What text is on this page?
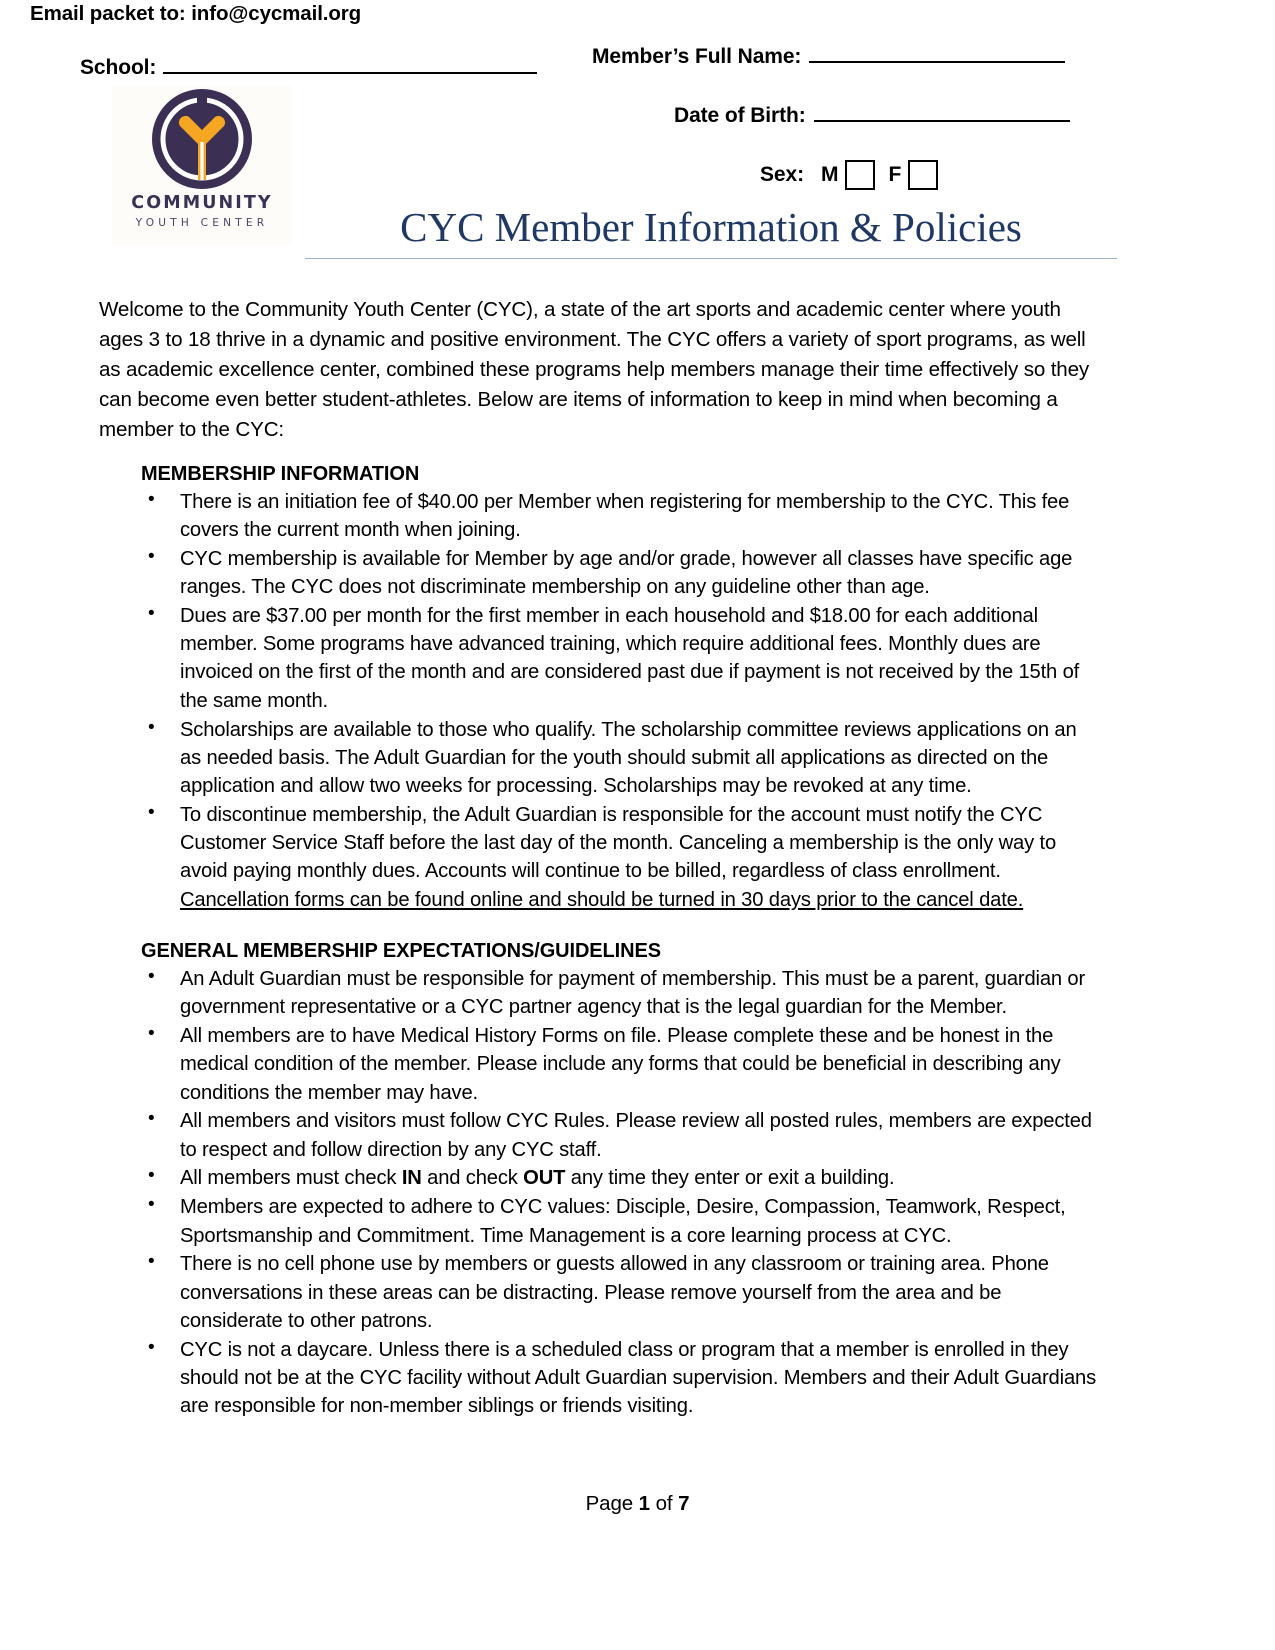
Email packet to: info@cycmail.org
School:	Member’s Full Name:
Date of Birth:
Sex: M F
COMMUNITY
YOUTH CENTER	CYC Member Information & Policies

Welcome to the Community Youth Center (CYC), a state of the art sports and academic center where youth ages 3 to 18 thrive in a dynamic and positive environment. The CYC offers a variety of sport programs, as well as academic excellence center, combined these programs help members manage their time effectively so they can become even better student-athletes. Below are items of information to keep in mind when becoming a member to the CYC:

MEMBERSHIP INFORMATION
• There is an initiation fee of $40.00 per Member when registering for membership to the CYC. This fee covers the current month when joining.
• CYC membership is available for Member by age and/or grade, however all classes have specific age ranges. The CYC does not discriminate membership on any guideline other than age.
• Dues are $37.00 per month for the first member in each household and $18.00 for each additional member. Some programs have advanced training, which require additional fees. Monthly dues are invoiced on the first of the month and are considered past due if payment is not received by the 15th of the same month.
• Scholarships are available to those who qualify. The scholarship committee reviews applications on an as needed basis. The Adult Guardian for the youth should submit all applications as directed on the application and allow two weeks for processing. Scholarships may be revoked at any time.
• To discontinue membership, the Adult Guardian is responsible for the account must notify the CYC Customer Service Staff before the last day of the month. Canceling a membership is the only way to avoid paying monthly dues. Accounts will continue to be billed, regardless of class enrollment. Cancellation forms can be found online and should be turned in 30 days prior to the cancel date.
GENERAL MEMBERSHIP EXPECTATIONS/GUIDELINES
• An Adult Guardian must be responsible for payment of membership. This must be a parent, guardian or government representative or a CYC partner agency that is the legal guardian for the Member.
• All members are to have Medical History Forms on file. Please complete these and be honest in the medical condition of the member. Please include any forms that could be beneficial in describing any conditions the member may have.
• All members and visitors must follow CYC Rules. Please review all posted rules, members are expected to respect and follow direction by any CYC staff.
• All members must check IN and check OUT any time they enter or exit a building.
• Members are expected to adhere to CYC values: Disciple, Desire, Compassion, Teamwork, Respect, Sportsmanship and Commitment. Time Management is a core learning process at CYC.
• There is no cell phone use by members or guests allowed in any classroom or training area. Phone conversations in these areas can be distracting. Please remove yourself from the area and be considerate to other patrons.
• CYC is not a daycare. Unless there is a scheduled class or program that a member is enrolled in they should not be at the CYC facility without Adult Guardian supervision. Members and their Adult Guardians are responsible for non-member siblings or friends visiting.
Page 1 of 7
